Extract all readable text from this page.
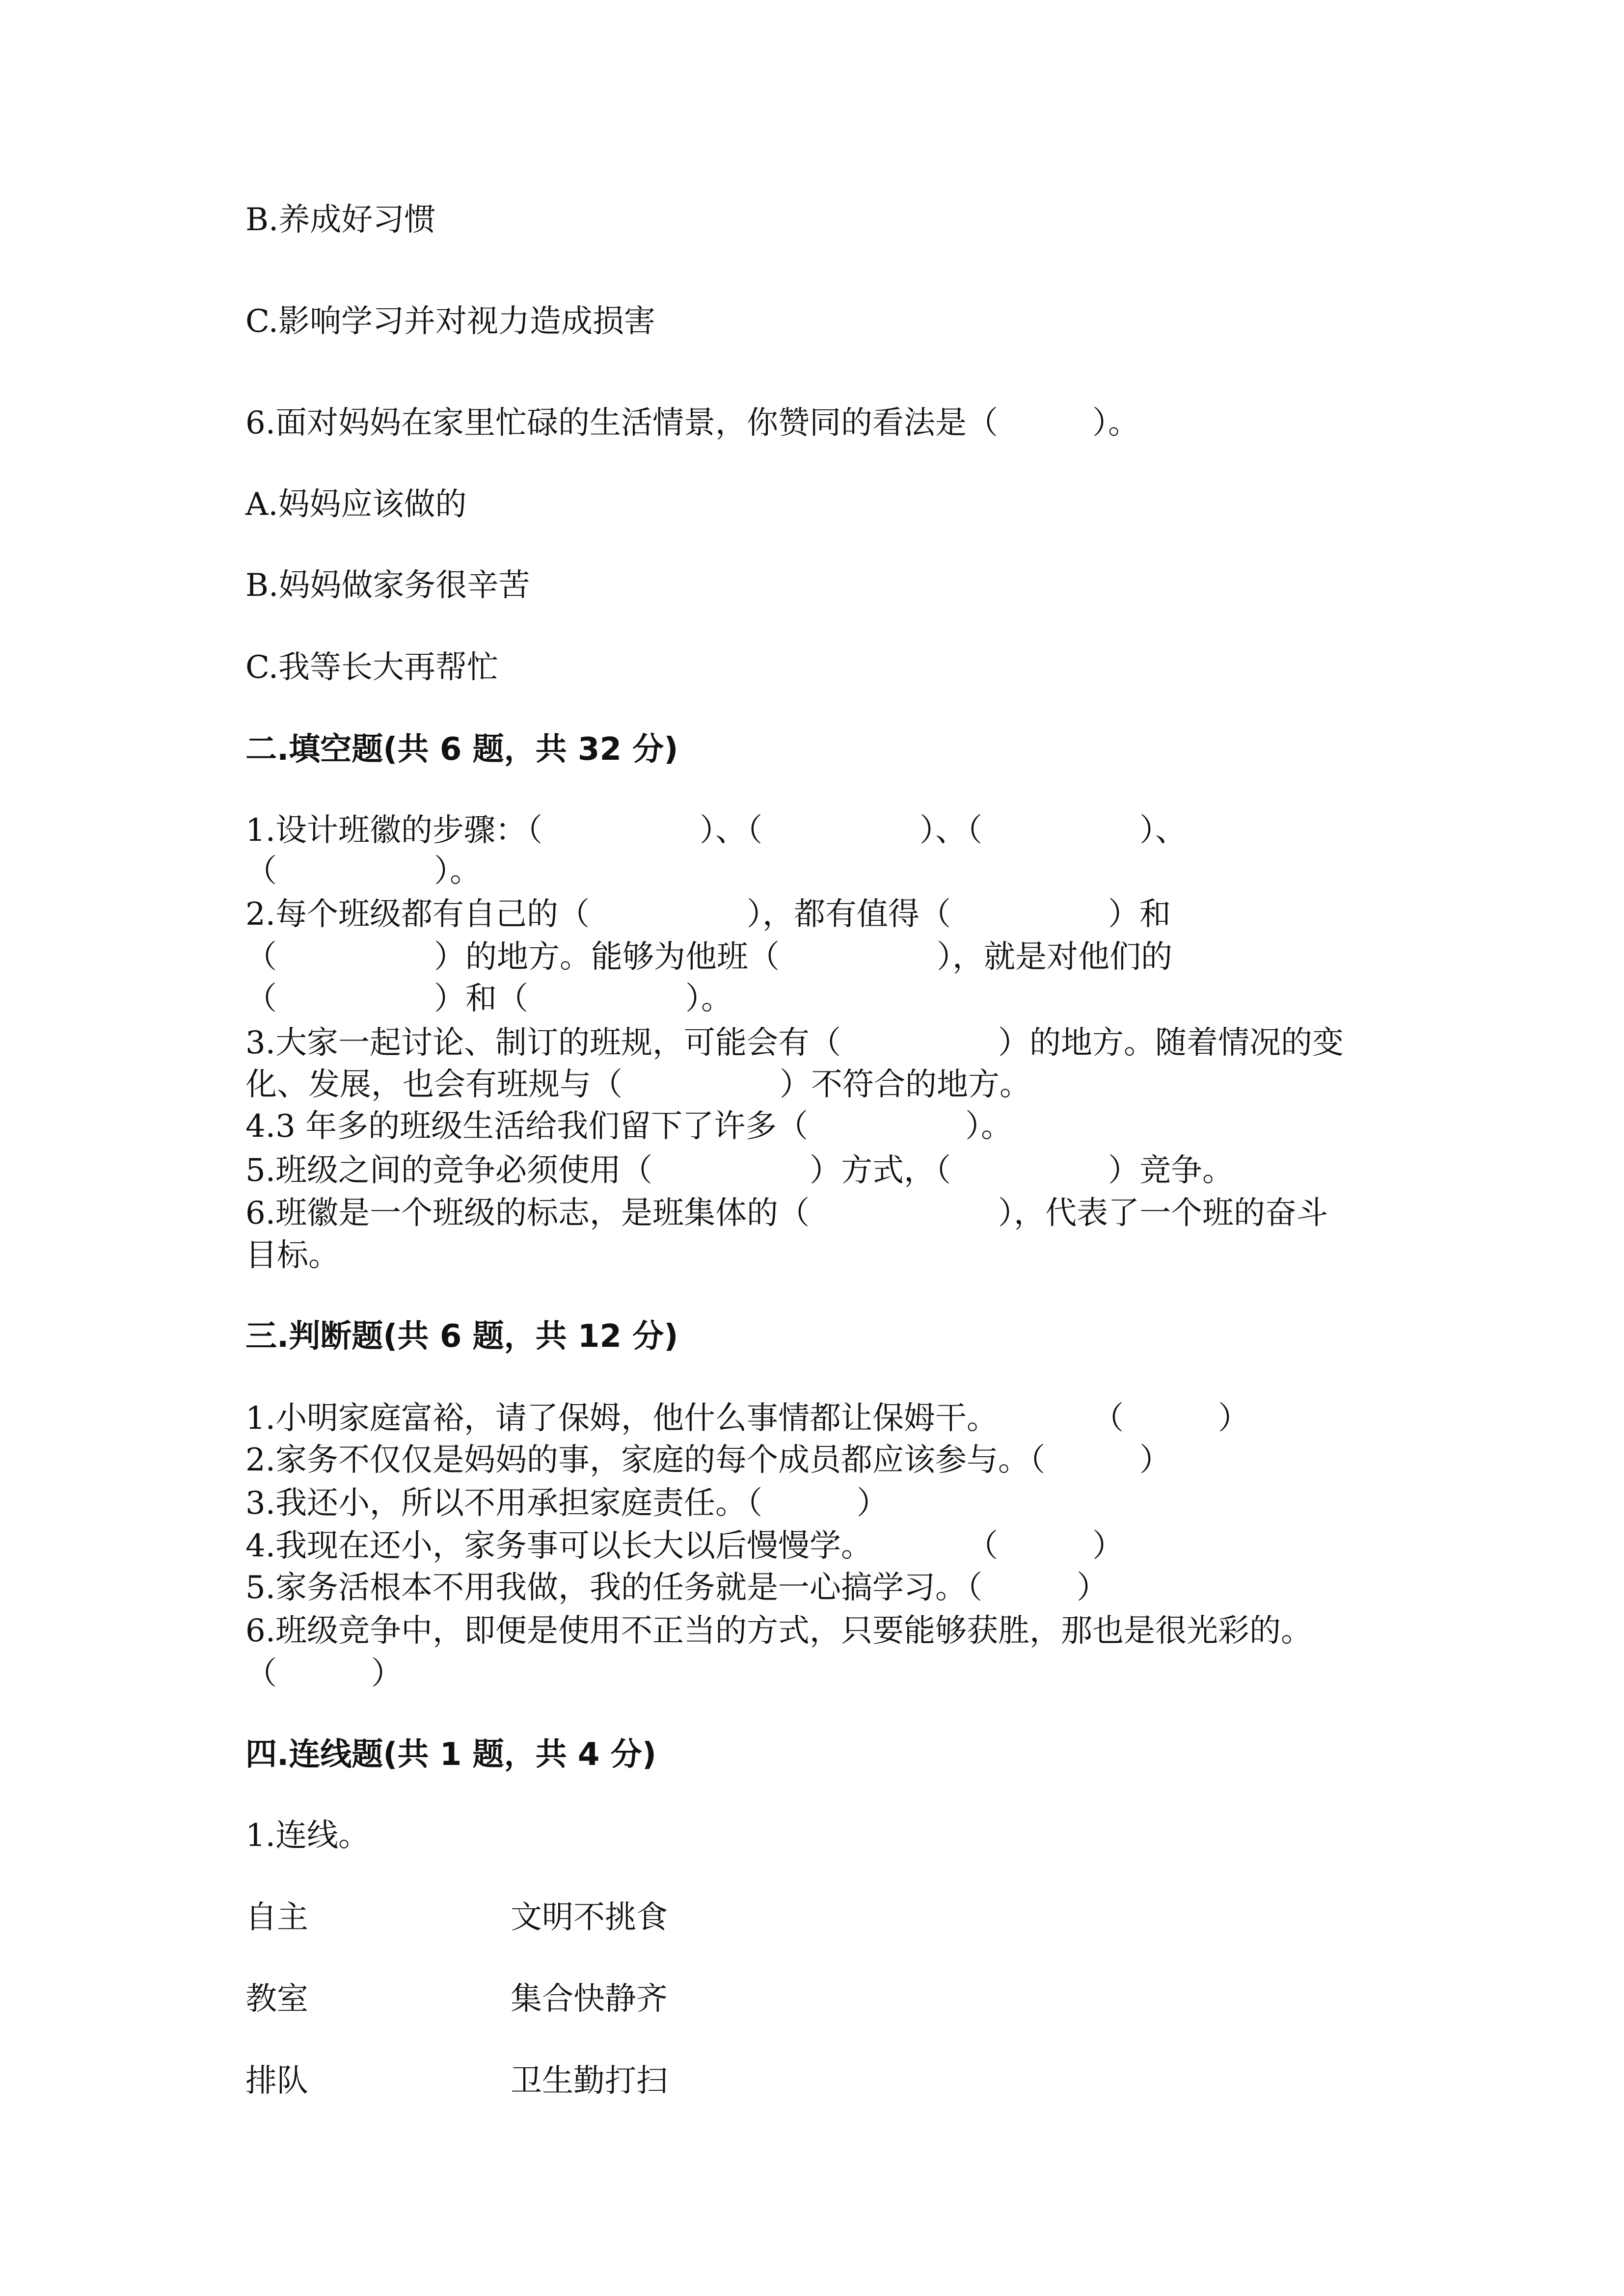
B.养成好习惯
C.影响学习并对视力造成损害
6.面对妈妈在家里忙碌的生活情景，你赞同的看法是（　　　）。
A.妈妈应该做的
B.妈妈做家务很辛苦
C.我等长大再帮忙
二.填空题(共 6 题，共 32 分)
1.设计班徽的步骤：（　　　　　）、（　　　　　）、（　　　　　）、
（　　　　　）。
2.每个班级都有自己的（　　　　　），都有值得（　　　　　）和
（　　　　　）的地方。能够为他班（　　　　　），就是对他们的
（　　　　　）和（　　　　　）。
3.大家一起讨论、制订的班规，可能会有（　　　　　）的地方。随着情况的变
化、发展，也会有班规与（　　　　　）不符合的地方。
4.3 年多的班级生活给我们留下了许多（　　　　　）。
5.班级之间的竞争必须使用（　　　　　）方式，（　　　　　）竞争。
6.班徽是一个班级的标志，是班集体的（　　　　　　），代表了一个班的奋斗
目标。
三.判断题(共 6 题，共 12 分)
1.小明家庭富裕，请了保姆，他什么事情都让保姆干。　　　　（　　　）
2.家务不仅仅是妈妈的事，家庭的每个成员都应该参与。（　　　）
3.我还小，所以不用承担家庭责任。（　　　）
4.我现在还小，家务事可以长大以后慢慢学。　　　　（　　　）
5.家务活根本不用我做，我的任务就是一心搞学习。（　　　）
6.班级竞争中，即便是使用不正当的方式，只要能够获胜，那也是很光彩的。
（　　　）
四.连线题(共 1 题，共 4 分)
1.连线。
自主	文明不挑食
教室	集合快静齐
排队	卫生勤打扫
